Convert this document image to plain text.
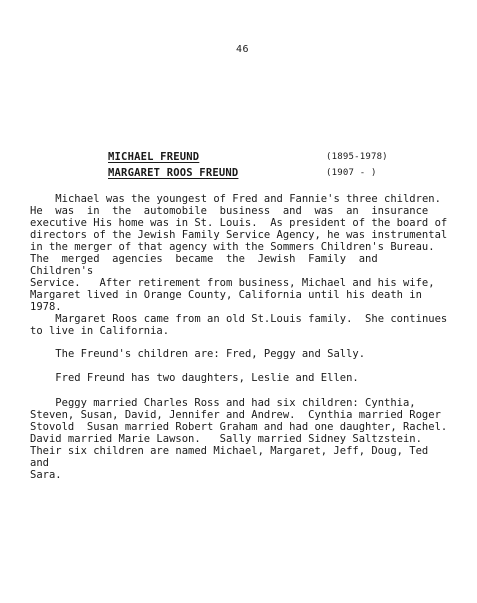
46
MICHAEL FREUND	(1895-1978)
MARGARET ROOS FREUND	(1907 - )

Michael was the youngest of Fred and Fannie's three children.
He  was  in  the  automobile  business  and  was  an  insurance
executive His home was in St. Louis.  As president of the board of
directors of the Jewish Family Service Agency, he was instrumental
in the merger of that agency with the Sommers Children's Bureau.
The  merged  agencies  became  the  Jewish  Family  and  Children's
Service.   After retirement from business, Michael and his wife,
Margaret lived in Orange County, California until his death in
1978.

Margaret Roos came from an old St.Louis family.  She continues
to live in California.

The Freund's children are: Fred, Peggy and Sally.

Fred Freund has two daughters, Leslie and Ellen.

Peggy married Charles Ross and had six children: Cynthia,
Steven, Susan, David, Jennifer and Andrew.  Cynthia married Roger
Stovold  Susan married Robert Graham and had one daughter, Rachel.
David married Marie Lawson.   Sally married Sidney Saltzstein.
Their six children are named Michael, Margaret, Jeff, Doug, Ted and
Sara.
